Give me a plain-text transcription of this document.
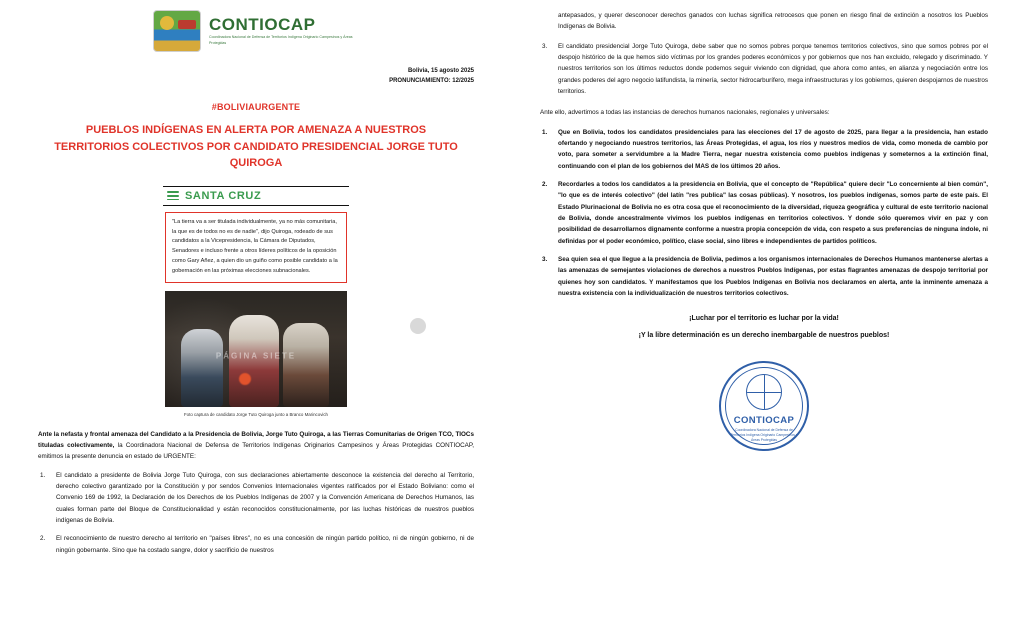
CONTIOCAP
Coordinadora Nacional de Defensa de Territorios Indígena Originario Campesinos y Áreas Protegidas
Bolivia, 15 agosto 2025
PRONUNCIAMIENTO: 12/2025
#BOLIVIAURGENTE
PUEBLOS INDÍGENAS EN ALERTA POR AMENAZA A NUESTROS TERRITORIOS COLECTIVOS POR CANDIDATO PRESIDENCIAL JORGE TUTO QUIROGA
SANTA CRUZ
"La tierra va a ser titulada individualmente, ya no más comunitaria, la que es de todos no es de nadie", dijo Quiroga, rodeado de sus candidatos a la Vicepresidencia, la Cámara de Diputados, Senadores e incluso frente a otros líderes políticos de la oposición como Gary Añez, a quien dio un guiño como posible candidato a la gobernación en las próximas elecciones subnacionales.
PÁGINA SIETE
Foto captura de candidato Jorge Tuto Quiroga junto a Branco Marincovich
Ante la nefasta y frontal amenaza del Candidato a la Presidencia de Bolivia, Jorge Tuto Quiroga, a las Tierras Comunitarias de Origen TCO, TIOCs tituladas colectivamente, la Coordinadora Nacional de Defensa de Territorios Indígenas Originarios Campesinos y Áreas Protegidas CONTIOCAP, emitimos la presente denuncia en estado de URGENTE:
El candidato a presidente de Bolivia Jorge Tuto Quiroga, con sus declaraciones abiertamente desconoce la existencia del derecho al Territorio, derecho colectivo garantizado por la Constitución y por sendos Convenios Internacionales vigentes ratificados por el Estado Boliviano: como el Convenio 169 de 1992, la Declaración de los Derechos de los Pueblos Indígenas de 2007 y la Convención Americana de Derechos Humanos, las cuales forman parte del Bloque de Constitucionalidad y están reconocidos constitucionalmente, por las luchas históricas de nuestros pueblos indígenas de Bolivia.
El reconocimiento de nuestro derecho al territorio en "países libres", no es una concesión de ningún partido político, ni de ningún gobierno, ni de ningún gobernante. Sino que ha costado sangre, dolor y sacrificio de nuestros
antepasados, y querer desconocer derechos ganados con luchas significa retrocesos que ponen en riesgo final de extinción a nosotros los Pueblos Indígenas de Bolivia.
El candidato presidencial Jorge Tuto Quiroga, debe saber que no somos pobres porque tenemos territorios colectivos, sino que somos pobres por el despojo histórico de la que hemos sido víctimas por los grandes poderes económicos y por gobiernos que nos han excluido, relegado y discriminado. Y nuestros territorios son los últimos reductos donde podemos seguir viviendo con dignidad, que ahora como antes, en alianza y negociación entre los grandes poderes del agro negocio latifundista, la minería, sector hidrocarburífero, mega infraestructuras y los gobiernos, quieren despojarnos de nuestros territorios.
Ante ello, advertimos a todas las instancias de derechos humanos nacionales, regionales y universales:
Que en Bolivia, todos los candidatos presidenciales para las elecciones del 17 de agosto de 2025, para llegar a la presidencia, han estado ofertando y negociando nuestros territorios, las Áreas Protegidas, el agua, los ríos y nuestros medios de vida, como moneda de cambio por voto, para someter a servidumbre a la Madre Tierra, negar nuestra existencia como pueblos indígenas y someternos a la extinción final, continuando con el plan de los gobiernos del MAS de los últimos 20 años.
Recordarles a todos los candidatos a la presidencia en Bolivia, que el concepto de "República" quiere decir "Lo concerniente al bien común", "lo que es de interés colectivo" (del latín "res publica" las cosas públicas). Y nosotros, los pueblos indígenas, somos parte de este país. El Estado Plurinacional de Bolivia no es otra cosa que el reconocimiento de la diversidad, riqueza geográfica y cultural de este territorio nacional de Bolivia, donde ancestralmente vivimos los pueblos indígenas en territorios colectivos. Y donde sólo queremos vivir en paz y con posibilidad de desarrollarnos dignamente conforme a nuestra propia concepción de vida, con respeto a sus preferencias de ninguna índole, ni definidas por el poder económico, político, clase social, sino libres e independientes de partidos políticos.
Sea quien sea el que llegue a la presidencia de Bolivia, pedimos a los organismos internacionales de Derechos Humanos mantenerse alertas a las amenazas de semejantes violaciones de derechos a nuestros Pueblos Indígenas, por estas flagrantes amenazas de despojo territorial por quienes hoy son candidatos. Y manifestamos que los Pueblos Indígenas en Bolivia nos declaramos en alerta, ante la inminente amenaza a nuestra existencia con la individualización de nuestros territorios colectivos.
¡Luchar por el territorio es luchar por la vida!
¡Y la libre determinación es un derecho inembargable de nuestros pueblos!
CONTIOCAP
Coordinadora Nacional de Defensa de Territorios Indígena Originario Campesinos y Áreas Protegidas
